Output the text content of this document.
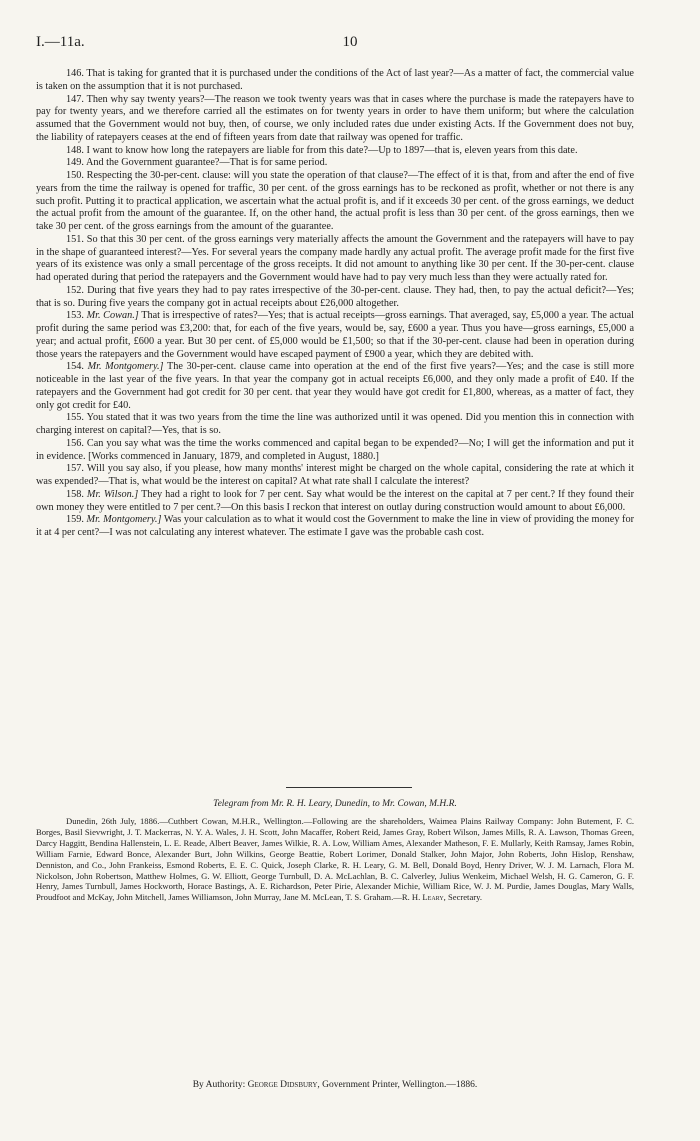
I.—11a.	10

146. That is taking for granted that it is purchased under the conditions of the Act of last year?—As a matter of fact, the commercial value is taken on the assumption that it is not purchased.

147. Then why say twenty years?—The reason we took twenty years was that in cases where the purchase is made the ratepayers have to pay for twenty years, and we therefore carried all the estimates on for twenty years in order to have them uniform; but where the calculation assumed that the Government would not buy, then, of course, we only included rates due under existing Acts. If the Government does not buy, the liability of ratepayers ceases at the end of fifteen years from date that railway was opened for traffic.

148. I want to know how long the ratepayers are liable for from this date?—Up to 1897—that is, eleven years from this date.

149. And the Government guarantee?—That is for same period.

150. Respecting the 30-per-cent. clause: will you state the operation of that clause?—The effect of it is that, from and after the end of five years from the time the railway is opened for traffic, 30 per cent. of the gross earnings has to be reckoned as profit, whether or not there is any such profit. Putting it to practical application, we ascertain what the actual profit is, and if it exceeds 30 per cent. of the gross earnings, we deduct the actual profit from the amount of the guarantee. If, on the other hand, the actual profit is less than 30 per cent. of the gross earnings, then we take 30 per cent. of the gross earnings from the amount of the guarantee.

151. So that this 30 per cent. of the gross earnings very materially affects the amount the Government and the ratepayers will have to pay in the shape of guaranteed interest?—Yes. For several years the company made hardly any actual profit. The average profit made for the first five years of its existence was only a small percentage of the gross receipts. It did not amount to anything like 30 per cent. If the 30-per-cent. clause had operated during that period the ratepayers and the Government would have had to pay very much less than they were actually rated for.

152. During that five years they had to pay rates irrespective of the 30-per-cent. clause. They had, then, to pay the actual deficit?—Yes; that is so. During five years the company got in actual receipts about £26,000 altogether.

153. Mr. Cowan.] That is irrespective of rates?—Yes; that is actual receipts—gross earnings. That averaged, say, £5,000 a year. The actual profit during the same period was £3,200: that, for each of the five years, would be, say, £600 a year. Thus you have—gross earnings, £5,000 a year; and actual profit, £600 a year. But 30 per cent. of £5,000 would be £1,500; so that if the 30-per-cent. clause had been in operation during those years the ratepayers and the Government would have escaped payment of £900 a year, which they are debited with.

154. Mr. Montgomery.] The 30-per-cent. clause came into operation at the end of the first five years?—Yes; and the case is still more noticeable in the last year of the five years. In that year the company got in actual receipts £6,000, and they only made a profit of £40. If the ratepayers and the Government had got credit for 30 per cent. that year they would have got credit for £1,800, whereas, as a matter of fact, they only got credit for £40.

155. You stated that it was two years from the time the line was authorized until it was opened. Did you mention this in connection with charging interest on capital?—Yes, that is so.

156. Can you say what was the time the works commenced and capital began to be expended?—No; I will get the information and put it in evidence. [Works commenced in January, 1879, and completed in August, 1880.]

157. Will you say also, if you please, how many months' interest might be charged on the whole capital, considering the rate at which it was expended?—That is, what would be the interest on capital? At what rate shall I calculate the interest?

158. Mr. Wilson.] They had a right to look for 7 per cent. Say what would be the interest on the capital at 7 per cent.? If they found their own money they were entitled to 7 per cent.?—On this basis I reckon that interest on outlay during construction would amount to about £6,000.

159. Mr. Montgomery.] Was your calculation as to what it would cost the Government to make the line in view of providing the money for it at 4 per cent?—I was not calculating any interest whatever. The estimate I gave was the probable cash cost.

Telegram from Mr. R. H. Leary, Dunedin, to Mr. Cowan, M.H.R.

Dunedin, 26th July, 1886.—Cuthbert Cowan, M.H.R., Wellington.—Following are the shareholders, Waimea Plains Railway Company: John Butement, F. C. Borges, Basil Sievwright, J. T. Mackerras, N. Y. A. Wales, J. H. Scott, John Macaffer, Robert Reid, James Gray, Robert Wilson, James Mills, R. A. Lawson, Thomas Green, Darcy Haggitt, Bendina Hallenstein, L. E. Reade, Albert Beaver, James Wilkie, R. A. Low, William Ames, Alexander Matheson, F. E. Mullarly, Keith Ramsay, James Robin, William Farnie, Edward Bonce, Alexander Burt, John Wilkins, George Beattie, Robert Lorimer, Donald Stalker, John Major, John Roberts, John Hislop, Renshaw, Denniston, and Co., John Frankeiss, Esmond Roberts, E. E. C. Quick, Joseph Clarke, R. H. Leary, G. M. Bell, Donald Boyd, Henry Driver, W. J. M. Larnach, Flora M. Nickolson, John Robertson, Matthew Holmes, G. W. Elliott, George Turnbull, D. A. McLachlan, B. C. Calverley, Julius Wenkeim, Michael Welsh, H. G. Cameron, G. F. Henry, James Turnbull, James Hockworth, Horace Bastings, A. E. Richardson, Peter Pirie, Alexander Michie, William Rice, W. J. M. Purdie, James Douglas, Mary Walls, Proudfoot and McKay, John Mitchell, James Williamson, John Murray, Jane M. McLean, T. S. Graham.—R. H. Leary, Secretary.

By Authority: George Didsbury, Government Printer, Wellington.—1886.
